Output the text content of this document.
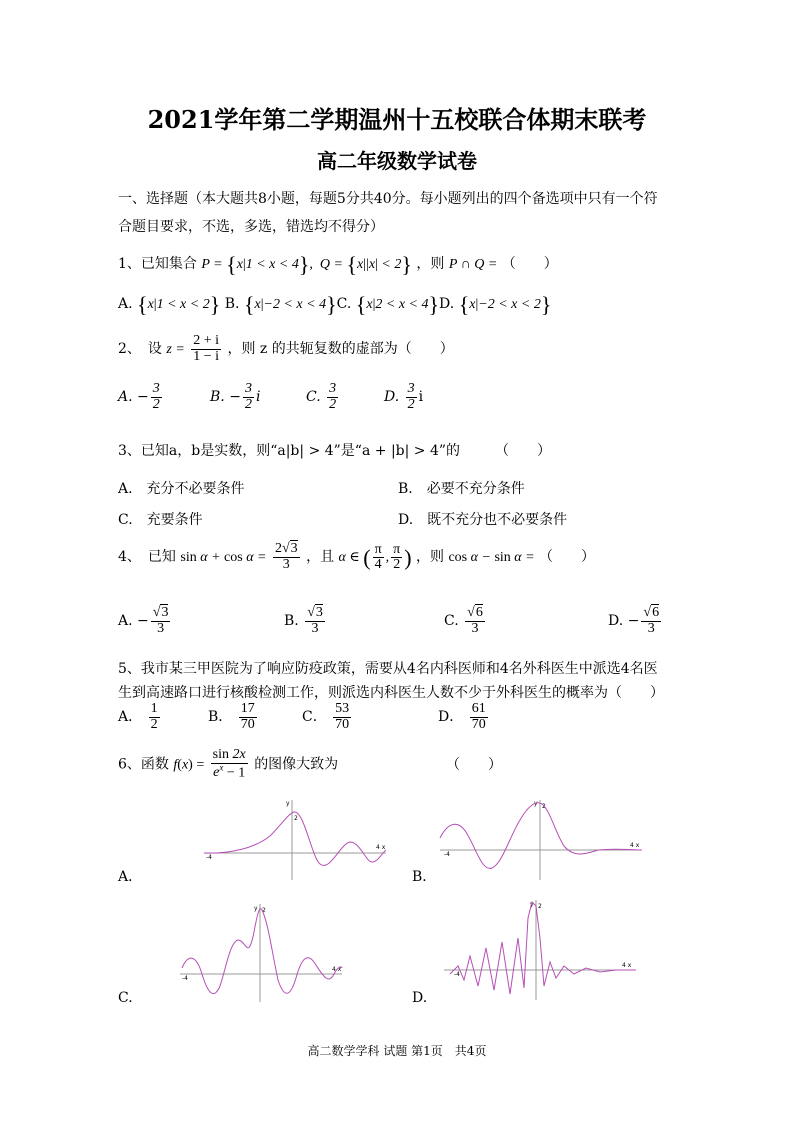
2021学年第二学期温州十五校联合体期末联考
高二年级数学试卷
一、选择题（本大题共8小题，每题5分共40分。每小题列出的四个备选项中只有一个符
合题目要求，不选，多选，错选均不得分）
1、已知集合 P = {x|1 < x < 4},  Q = {x||x| < 2} ，则 P ∩ Q = （　　）
A. {x|1 < x < 2} B. {x|−2 < x < 4}C. {x|2 < x < 4}D. {x|−2 < x < 2}
2、　设 $z = \frac{2 + i}{1 - i}$ ，则 z 的共轭复数的虚部为（　　）
A. − $\frac{3}{2}$	B. − $\frac{3}{2}$ i	C. $\frac{3}{2}$	D. $\frac{3}{2}$ i
3、已知a，b是实数，则“a|b| > 4”是“a + |b| > 4”的　　　（　　）
A.　充分不必要条件	B.　必要不充分条件
C.　充要条件	D.　既不充分也不必要条件
4、　已知 $\sin \alpha + \cos \alpha = \frac{2√3}{3}$ ，且 α ∈ ( $\frac{\pi}{4}$ , $\frac{\pi}{2}$ ) ，则 cos α − sin α = （　　）
A. − $\frac{√3}{3}$	B. $\frac{√3}{3}$	C. $\frac{√6}{3}$	D. − $\frac{√6}{3}$
5、我市某三甲医院为了响应防疫政策，需要从4名内科医师和4名外科医生中派选4名医
生到高速路口进行核酸检测工作，则派选内科医生人数不少于外科医生的概率为（　　）
A． $\frac{1}{2}$	B． $\frac{17}{70}$	C． $\frac{53}{70}$	D． $\frac{61}{70}$
6、函数 $f(x) = \frac{\sin 2x}{e^x - 1}$ 的图像大致为	（　　）
A．	B．
C.	D.
-4
4 x
y
2
-4
4 x
y 2
-4
4 x
y 2
-4
4 x
y 2
高二数学学科 试题 第1页　共4页
